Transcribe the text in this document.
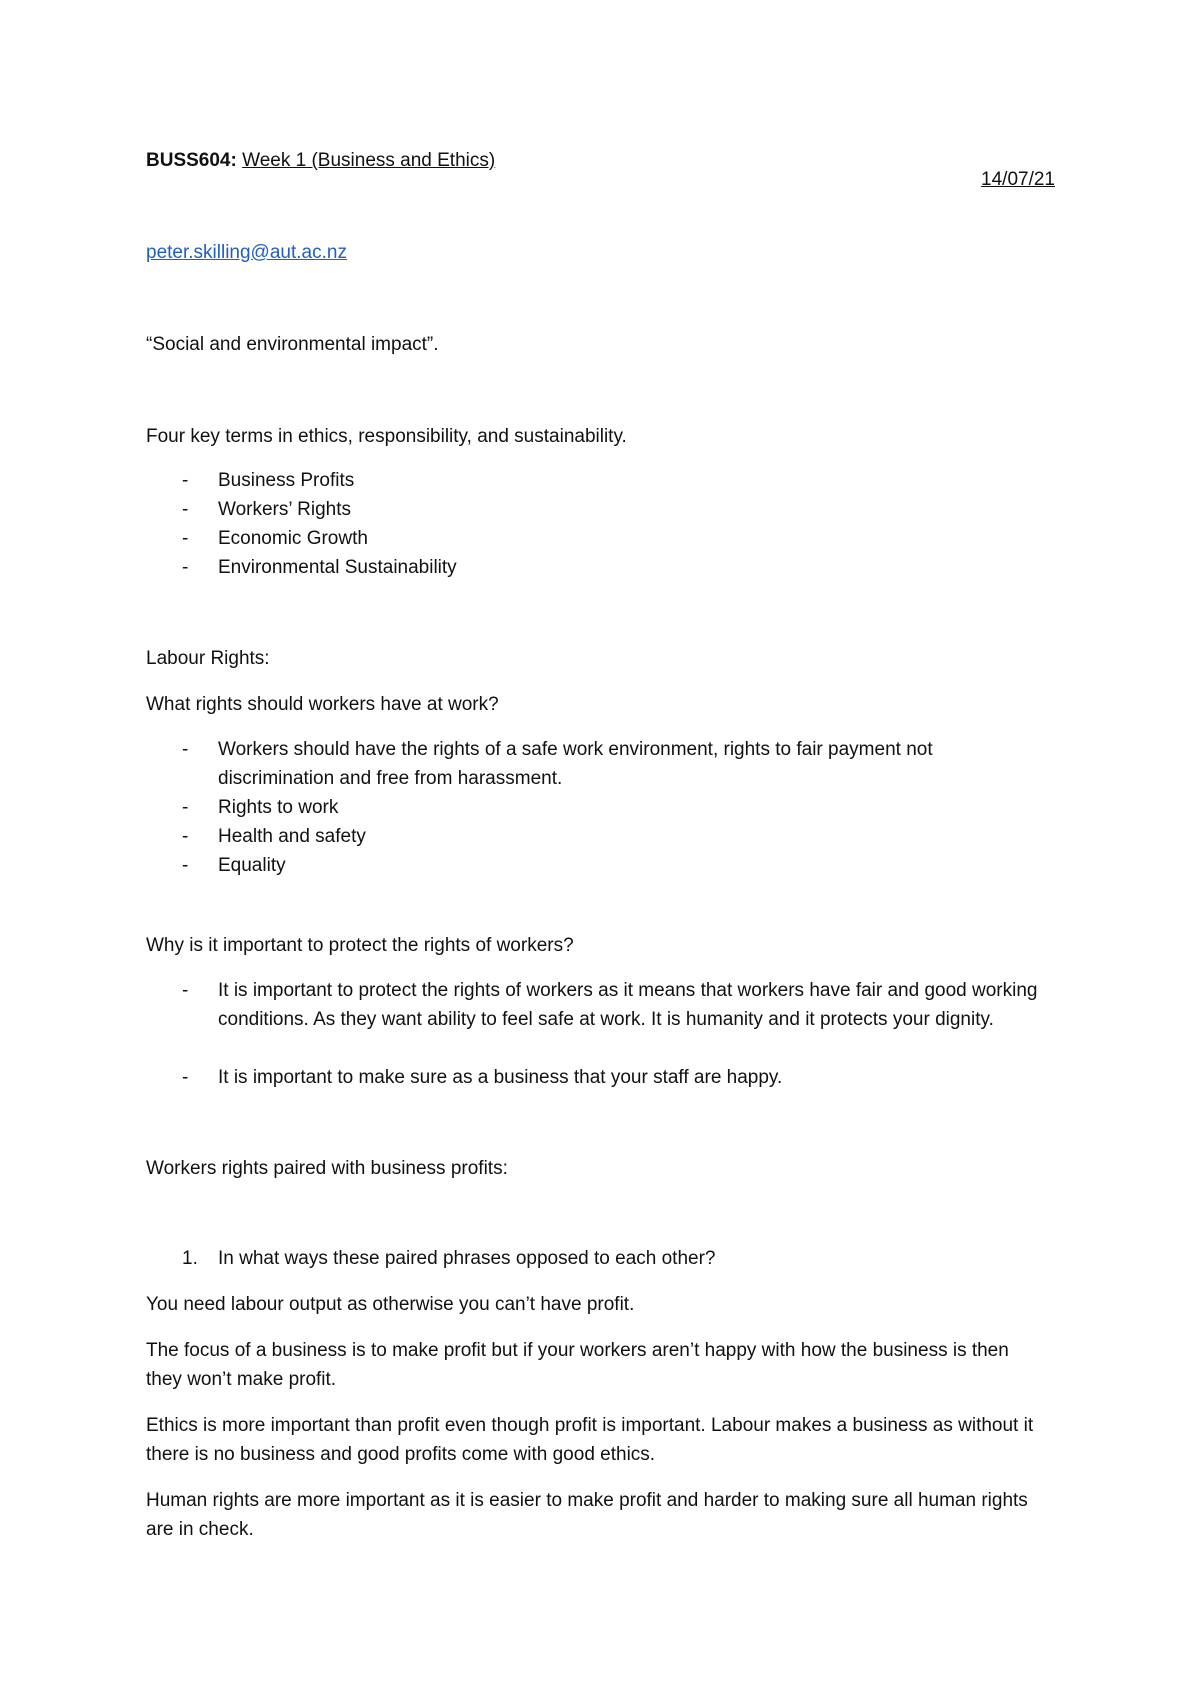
BUSS604: Week 1 (Business and Ethics)

14/07/21

peter.skilling@aut.ac.nz

“Social and environmental impact”.

Four key terms in ethics, responsibility, and sustainability.

-	Business Profits
-	Workers’ Rights
-	Economic Growth
-	Environmental Sustainability

Labour Rights:

What rights should workers have at work?

-	Workers should have the rights of a safe work environment, rights to fair payment not discrimination and free from harassment.
-	Rights to work
-	Health and safety
-	Equality

Why is it important to protect the rights of workers?

-	It is important to protect the rights of workers as it means that workers have fair and good working conditions. As they want ability to feel safe at work. It is humanity and it protects your dignity.
-	It is important to make sure as a business that your staff are happy.

Workers rights paired with business profits:

1.	In what ways these paired phrases opposed to each other?

You need labour output as otherwise you can’t have profit.

The focus of a business is to make profit but if your workers aren’t happy with how the business is then they won’t make profit.

Ethics is more important than profit even though profit is important. Labour makes a business as without it there is no business and good profits come with good ethics.

Human rights are more important as it is easier to make profit and harder to making sure all human rights are in check.
